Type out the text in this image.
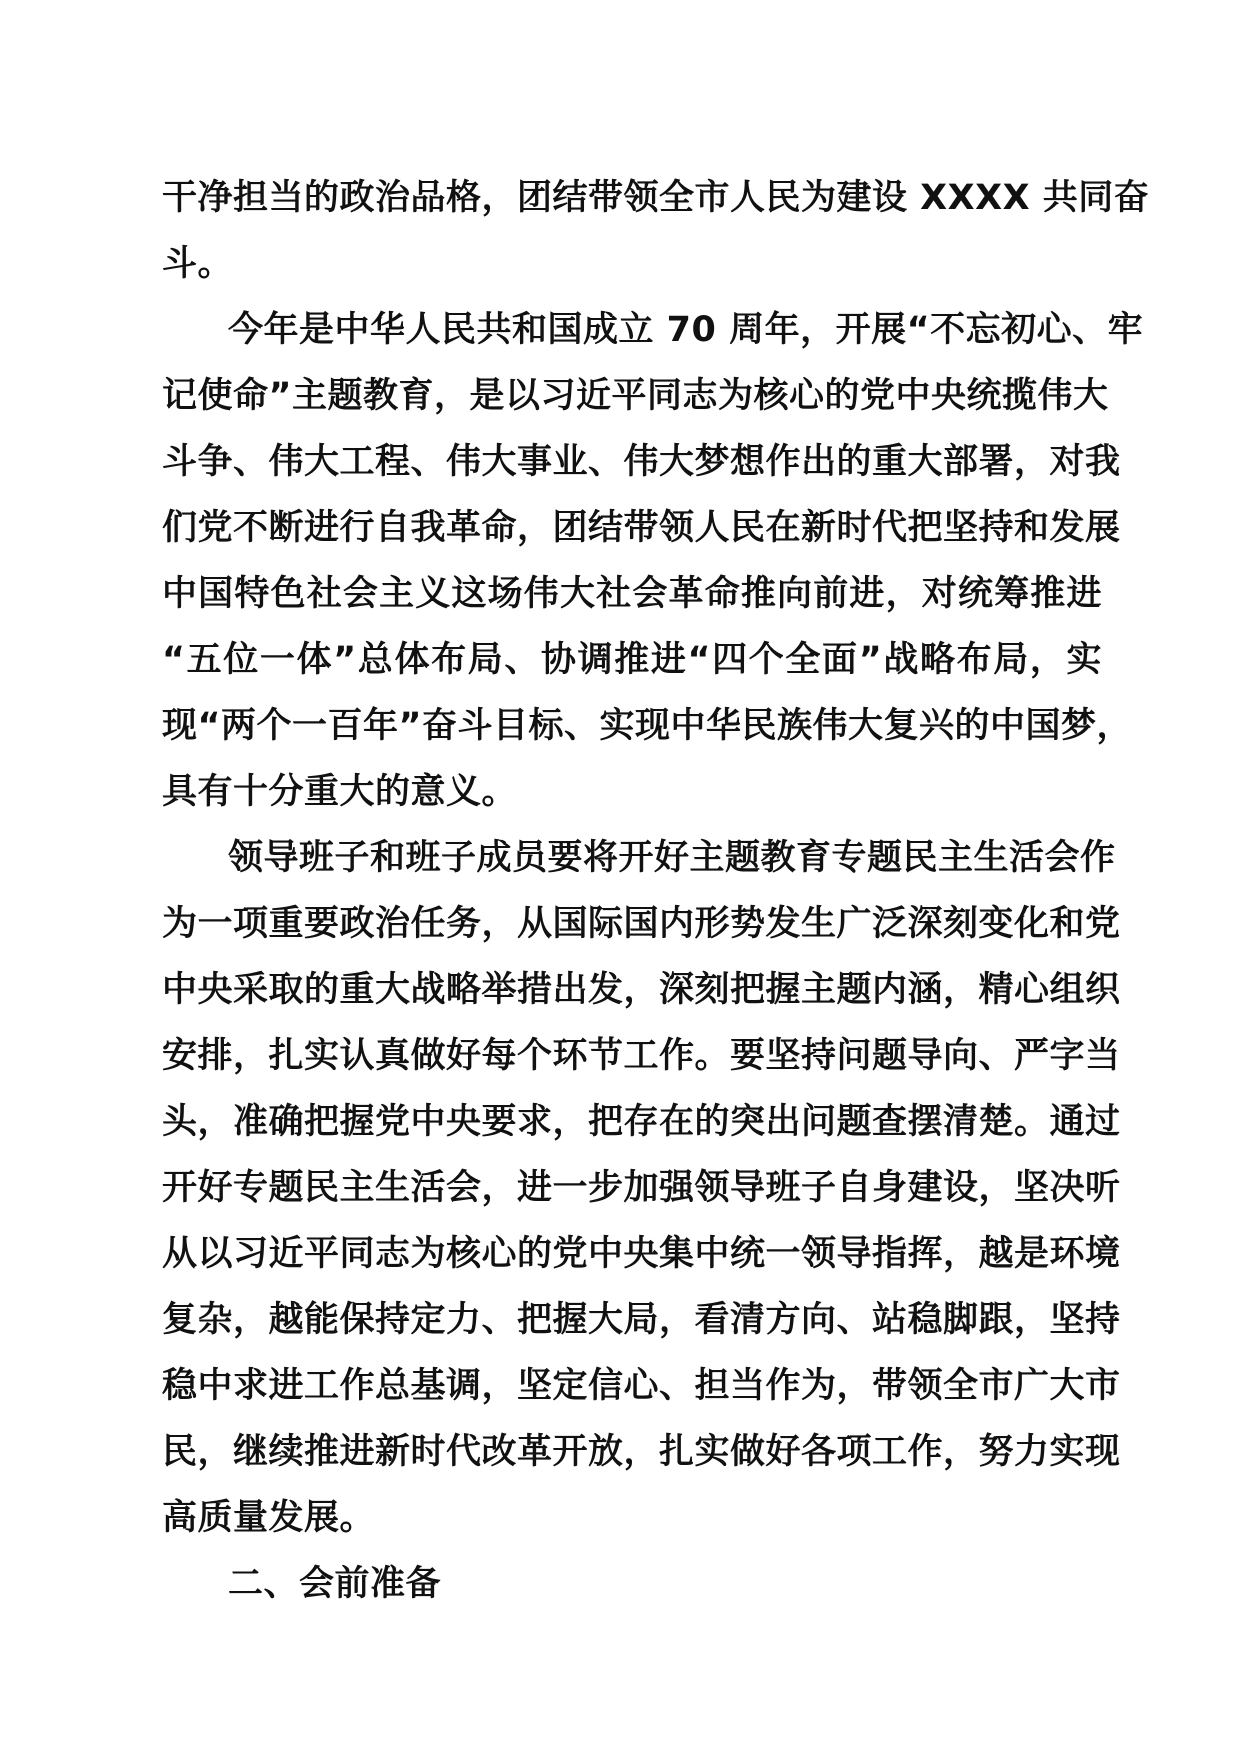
干净担当的政治品格，团结带领全市人民为建设 XXXX 共同奋
斗。
今年是中华人民共和国成立 70 周年，开展“不忘初心、牢
记使命”主题教育，是以习近平同志为核心的党中央统揽伟大
斗争、伟大工程、伟大事业、伟大梦想作出的重大部署，对我
们党不断进行自我革命，团结带领人民在新时代把坚持和发展
中国特色社会主义这场伟大社会革命推向前进，对统筹推进
“五位一体”总体布局、协调推进“四个全面”战略布局，实
现“两个一百年”奋斗目标、实现中华民族伟大复兴的中国梦，
具有十分重大的意义。
领导班子和班子成员要将开好主题教育专题民主生活会作
为一项重要政治任务，从国际国内形势发生广泛深刻变化和党
中央采取的重大战略举措出发，深刻把握主题内涵，精心组织
安排，扎实认真做好每个环节工作。要坚持问题导向、严字当
头，准确把握党中央要求，把存在的突出问题查摆清楚。通过
开好专题民主生活会，进一步加强领导班子自身建设，坚决听
从以习近平同志为核心的党中央集中统一领导指挥，越是环境
复杂，越能保持定力、把握大局，看清方向、站稳脚跟，坚持
稳中求进工作总基调，坚定信心、担当作为，带领全市广大市
民，继续推进新时代改革开放，扎实做好各项工作，努力实现
高质量发展。
二、会前准备
